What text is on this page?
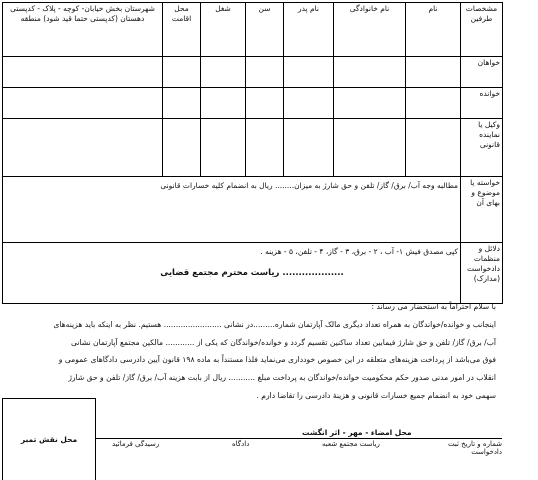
مشخصات طرفین	نام	نام خانوادگی	نام پدر	سن	شغل	محل اقامت	شهرستان بخش خیابان- کوچه - پلاک - کدپستی دهستان (کدپستی حتما قید شود) منطقه
خواهان							
خوانده							
وکیل یا نماینده قانونی							
خواسته یا موضوع و بهای آن	مطالبه وجه آب/ برق/ گاز/ تلفن و حق شارژ به میزان........ ریال به انضمام کلیه خسارات قانونی						
دلائل و منظمات دادخواست (مدارک)	کپی مصدق فیش ۱- آب ، ۲ - برق، ۳ - گاز، ۴ - تلفن، ۵ - هزینه .						
ریاست محترم مجتمع قضایی ...................

با سلام احتراماً به استحضار می رساند :

اینجانب و خوانده/خواندگان به همراه تعداد دیگری مالک آپارتمان شماره.........در نشانی ........................ هستیم. نظر به اینکه باید هزینه‌های

آب/ برق/ گاز/ تلفن و حق شارژ فیمابین تعداد ساکنین تقسیم گردد و خوانده/خواندگان که یکی از ............ مالکین مجتمع آپارتمان نشانی

فوق می‌باشد از پرداخت هزینه‌های متعلقه در این خصوص خودداری می‌نماید فلذا مستنداً به ماده ۱۹۸ قانون آیین دادرسی دادگاهای عمومی و

انقلاب در امور مدنی صدور حکم محکومیت خوانده/خواندگان به پرداخت مبلغ ........... ریال از بابت هزینه آب/ برق/ گاز/ تلفن و حق شارژ

سهمی خود به انضمام جمیع خسارات قانونی و هزینهٔ دادرسی را تقاضا دارم .

محل نقش تمبر
محل امضاء - مهر - اثر انگشت
شماره و تاریخ ثبت دادخواست
ریاست مجتمع شعبه
دادگاه
رسیدگی فرمائید
